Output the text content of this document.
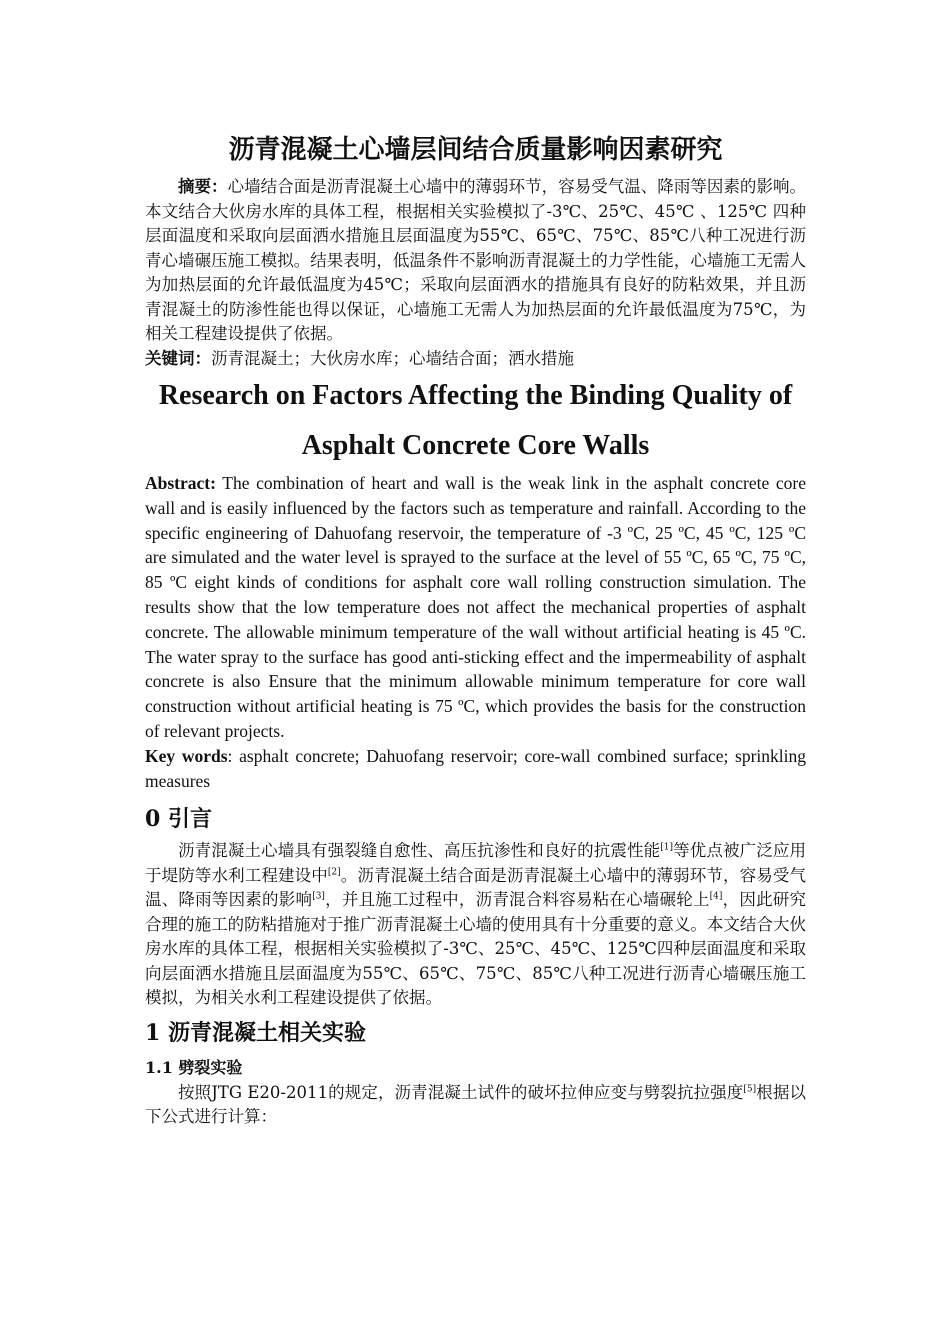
沥青混凝土心墙层间结合质量影响因素研究

摘要：心墙结合面是沥青混凝土心墙中的薄弱环节，容易受气温、降雨等因素的影响。本文结合大伙房水库的具体工程，根据相关实验模拟了-3℃、25℃、45℃ 、125℃ 四种层面温度和采取向层面洒水措施且层面温度为55℃、65℃、75℃、85℃八种工况进行沥青心墙碾压施工模拟。结果表明，低温条件不影响沥青混凝土的力学性能，心墙施工无需人为加热层面的允许最低温度为45℃；采取向层面洒水的措施具有良好的防粘效果，并且沥青混凝土的防渗性能也得以保证，心墙施工无需人为加热层面的允许最低温度为75℃，为相关工程建设提供了依据。

关键词：沥青混凝土；大伙房水库；心墙结合面；洒水措施

Research on Factors Affecting the Binding Quality of Asphalt Concrete Core Walls

Abstract: The combination of heart and wall is the weak link in the asphalt concrete core wall and is easily influenced by the factors such as temperature and rainfall. According to the specific engineering of Dahuofang reservoir, the temperature of -3 ºC, 25 ºC, 45 ºC, 125 ºC are simulated and the water level is sprayed to the surface at the level of 55 ºC, 65 ºC, 75 ºC, 85 ºC eight kinds of conditions for asphalt core wall rolling construction simulation. The results show that the low temperature does not affect the mechanical properties of asphalt concrete. The allowable minimum temperature of the wall without artificial heating is 45 ºC. The water spray to the surface has good anti-sticking effect and the impermeability of asphalt concrete is also Ensure that the minimum allowable minimum temperature for core wall construction without artificial heating is 75 ºC, which provides the basis for the construction of relevant projects.

Key words: asphalt concrete; Dahuofang reservoir; core-wall combined surface; sprinkling measures

0 引言

沥青混凝土心墙具有强裂缝自愈性、高压抗渗性和良好的抗震性能[1]等优点被广泛应用于堤防等水利工程建设中[2]。沥青混凝土结合面是沥青混凝土心墙中的薄弱环节，容易受气温、降雨等因素的影响[3]，并且施工过程中，沥青混合料容易粘在心墙碾轮上[4]，因此研究合理的施工的防粘措施对于推广沥青混凝土心墙的使用具有十分重要的意义。本文结合大伙房水库的具体工程，根据相关实验模拟了-3℃、25℃、45℃、125℃四种层面温度和采取向层面洒水措施且层面温度为55℃、65℃、75℃、85℃八种工况进行沥青心墙碾压施工模拟，为相关水利工程建设提供了依据。

1 沥青混凝土相关实验
1.1 劈裂实验

按照JTG E20-2011的规定，沥青混凝土试件的破坏拉伸应变与劈裂抗拉强度[5]根据以下公式进行计算：
